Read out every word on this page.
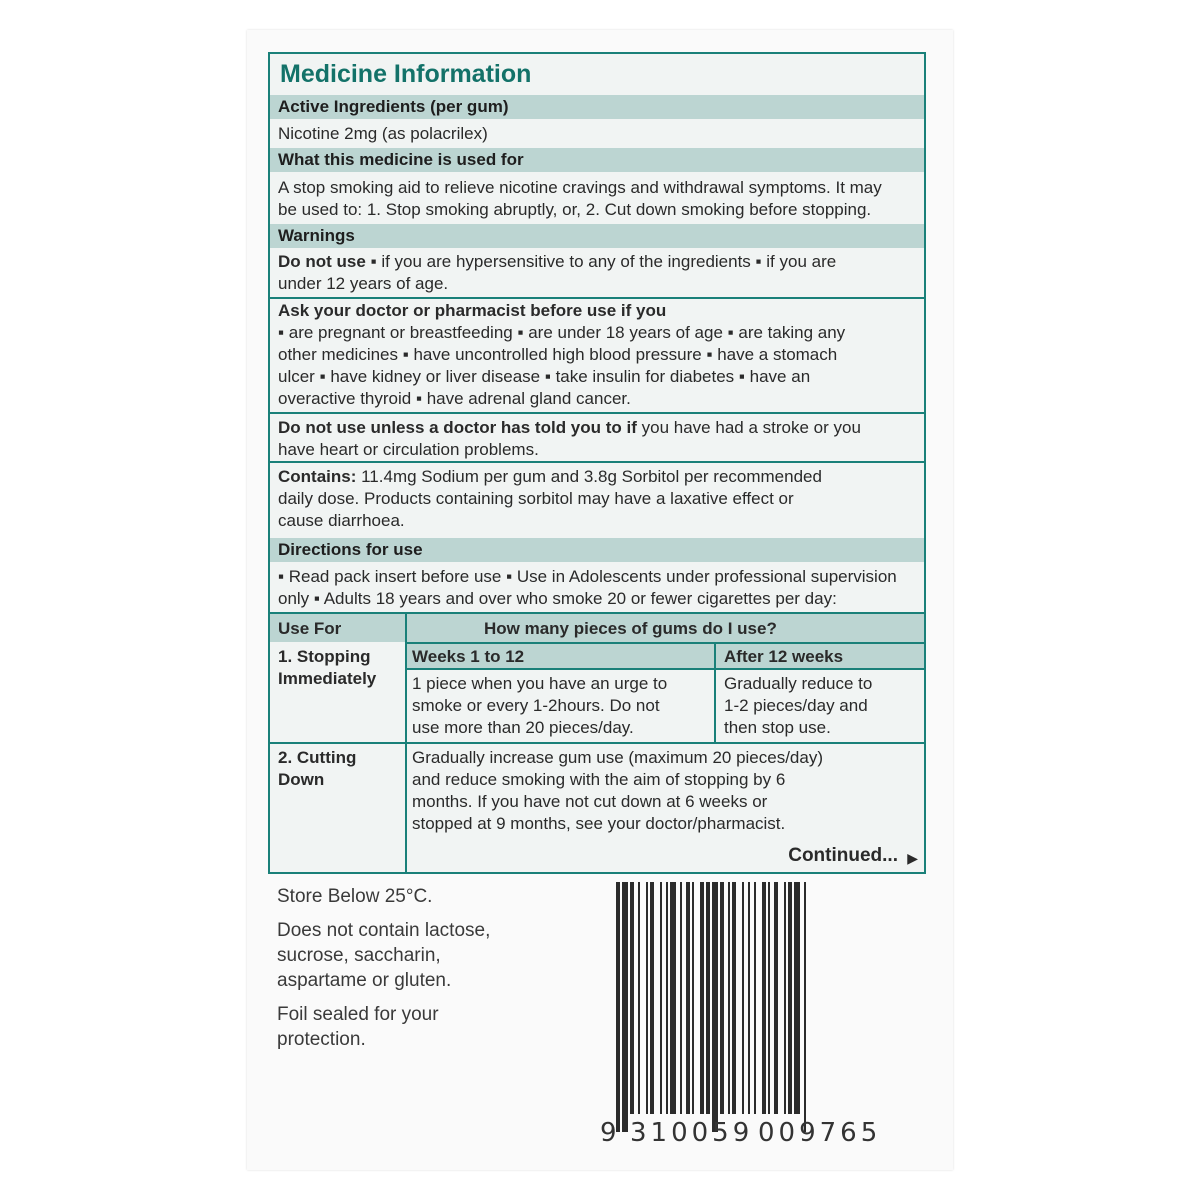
Medicine Information
Active Ingredients (per gum)
Nicotine 2mg (as polacrilex)
What this medicine is used for
A stop smoking aid to relieve nicotine cravings and withdrawal symptoms. It may
be used to: 1. Stop smoking abruptly, or, 2. Cut down smoking before stopping.
Warnings
Do not use ▪ if you are hypersensitive to any of the ingredients ▪ if you are
under 12 years of age.
Ask your doctor or pharmacist before use if you
▪ are pregnant or breastfeeding ▪ are under 18 years of age ▪ are taking any
other medicines ▪ have uncontrolled high blood pressure ▪ have a stomach
ulcer ▪ have kidney or liver disease ▪ take insulin for diabetes ▪ have an
overactive thyroid ▪ have adrenal gland cancer.
Do not use unless a doctor has told you to if you have had a stroke or you
have heart or circulation problems.
Contains: 11.4mg Sodium per gum and 3.8g Sorbitol per recommended
daily dose. Products containing sorbitol may have a laxative effect or
cause diarrhoea.
Directions for use
▪ Read pack insert before use ▪ Use in Adolescents under professional supervision
only ▪ Adults 18 years and over who smoke 20 or fewer cigarettes per day:
Use For	How many pieces of gums do I use?
Weeks 1 to 12	After 12 weeks
1. Stopping
Immediately 1 piece when you have an urge to
smoke or every 1-2hours. Do not
use more than 20 pieces/day.
Gradually reduce to
1-2 pieces/day and
then stop use.
2. Cutting
Down
Gradually increase gum use (maximum 20 pieces/day)
and reduce smoking with the aim of stopping by 6
months. If you have not cut down at 6 weeks or
stopped at 9 months, see your doctor/pharmacist.
Continued... ▶
Store Below 25°C.
Does not contain lactose,
sucrose, saccharin,
aspartame or gluten.
Foil sealed for your
protection.
9 310059 009765
